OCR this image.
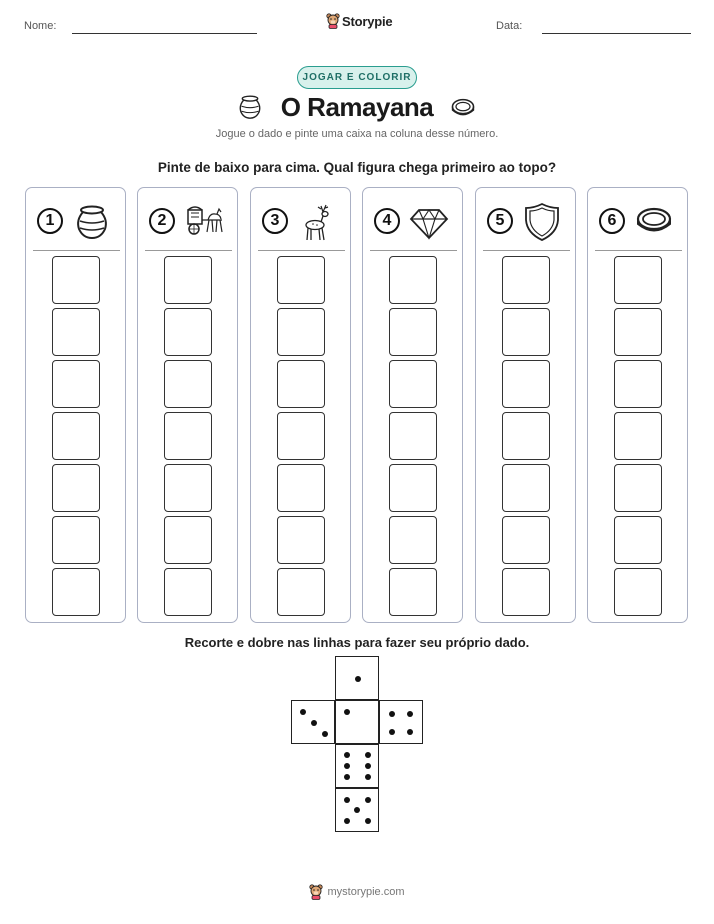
Nome:	Storypie	Data:
JOGAR E COLORIR
O Ramayana
Jogue o dado e pinte uma caixa na coluna desse número.
Pinte de baixo para cima. Qual figura chega primeiro ao topo?
1	2	3	4	5	6
Recorte e dobre nas linhas para fazer seu próprio dado.
mystorypie.com
